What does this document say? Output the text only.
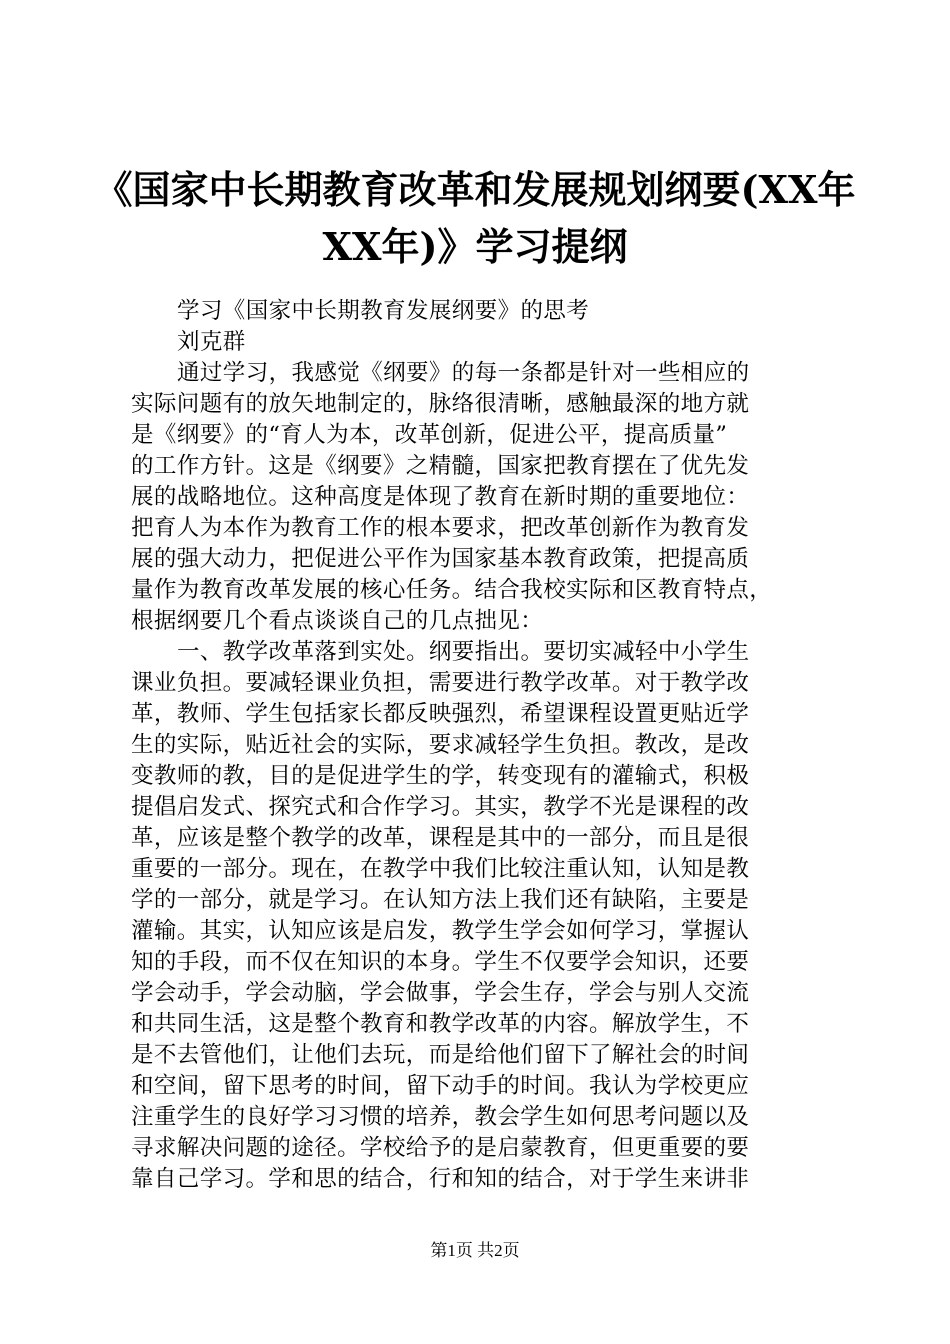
《国家中长期教育改革和发展规划纲要(XX年
XX年)》学习提纲
学习《国家中长期教育发展纲要》的思考
刘克群
通过学习，我感觉《纲要》的每一条都是针对一些相应的
实际问题有的放矢地制定的，脉络很清晰，感触最深的地方就
是《纲要》的“育人为本，改革创新，促进公平，提高质量”
的工作方针。这是《纲要》之精髓，国家把教育摆在了优先发
展的战略地位。这种高度是体现了教育在新时期的重要地位：
把育人为本作为教育工作的根本要求，把改革创新作为教育发
展的强大动力，把促进公平作为国家基本教育政策，把提高质
量作为教育改革发展的核心任务。结合我校实际和区教育特点，
根据纲要几个看点谈谈自己的几点拙见：
一、教学改革落到实处。纲要指出。要切实减轻中小学生
课业负担。要减轻课业负担，需要进行教学改革。对于教学改
革，教师、学生包括家长都反映强烈，希望课程设置更贴近学
生的实际，贴近社会的实际，要求减轻学生负担。教改，是改
变教师的教，目的是促进学生的学，转变现有的灌输式，积极
提倡启发式、探究式和合作学习。其实，教学不光是课程的改
革，应该是整个教学的改革，课程是其中的一部分，而且是很
重要的一部分。现在，在教学中我们比较注重认知，认知是教
学的一部分，就是学习。在认知方法上我们还有缺陷，主要是
灌输。其实，认知应该是启发，教学生学会如何学习，掌握认
知的手段，而不仅在知识的本身。学生不仅要学会知识，还要
学会动手，学会动脑，学会做事，学会生存，学会与别人交流
和共同生活，这是整个教育和教学改革的内容。解放学生，不
是不去管他们，让他们去玩，而是给他们留下了解社会的时间
和空间，留下思考的时间，留下动手的时间。我认为学校更应
注重学生的良好学习习惯的培养，教会学生如何思考问题以及
寻求解决问题的途径。学校给予的是启蒙教育，但更重要的要
靠自己学习。学和思的结合，行和知的结合，对于学生来讲非
第1页 共2页
